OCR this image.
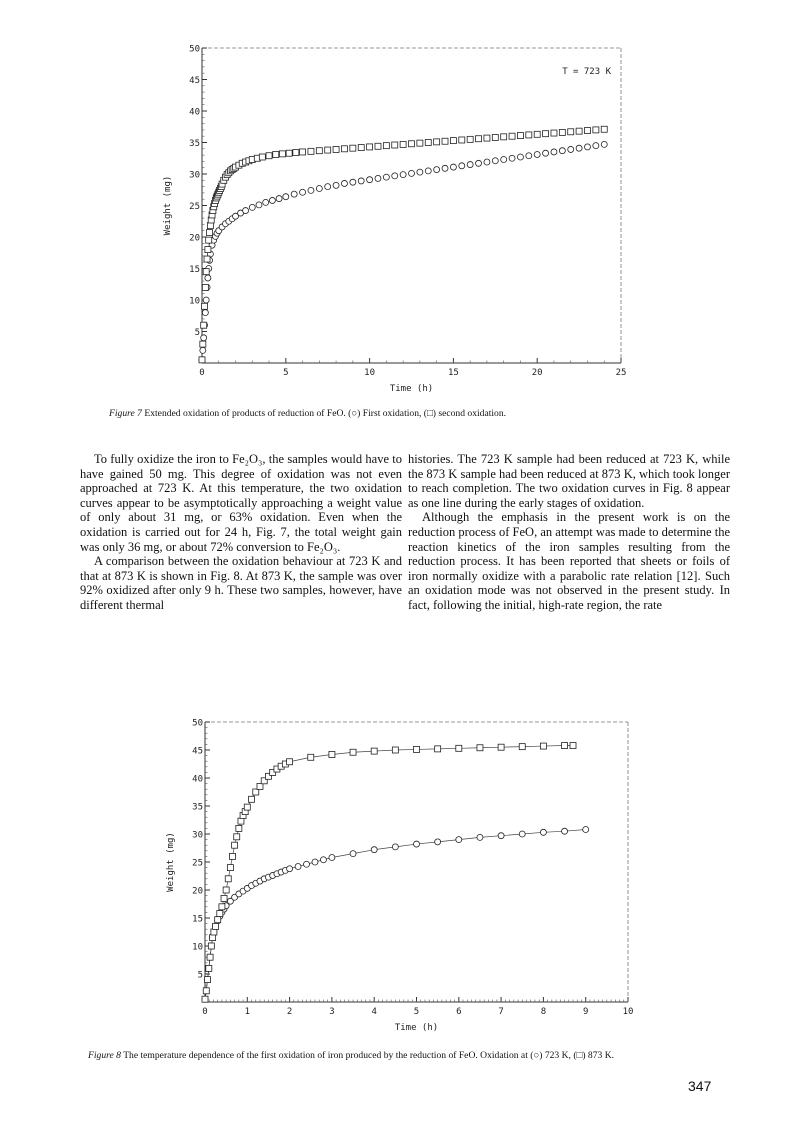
5
10
15
20
25
30
35
40
45
50
0	5	10	15	20	25
Time (h)
Weight (mg)
T = 723 K
Figure 7 Extended oxidation of products of reduction of FeO. (○) First oxidation, (□) second oxidation.

To fully oxidize the iron to Fe₂O₃, the samples would have to have gained 50 mg. This degree of oxidation was not even approached at 723 K. At this temperature, the two oxidation curves appear to be asymptotically approaching a weight value of only about 31 mg, or 63% oxidation. Even when the oxidation is carried out for 24 h, Fig. 7, the total weight gain was only 36 mg, or about 72% conversion to Fe₂O₃.

A comparison between the oxidation behaviour at 723 K and that at 873 K is shown in Fig. 8. At 873 K, the sample was over 92% oxidized after only 9 h. These two samples, however, have different thermal

histories. The 723 K sample had been reduced at 723 K, while the 873 K sample had been reduced at 873 K, which took longer to reach completion. The two oxidation curves in Fig. 8 appear as one line during the early stages of oxidation.

Although the emphasis in the present work is on the reduction process of FeO, an attempt was made to determine the reaction kinetics of the iron samples resulting from the reduction process. It has been reported that sheets or foils of iron normally oxidize with a parabolic rate relation [12]. Such an oxidation mode was not observed in the present study. In fact, following the initial, high-rate region, the rate

5
10
15
20
25
30
35
40
45
50
0	1	2	3	4	5	6	7	8	9	10
Time (h)
Weight (mg)
Figure 8 The temperature dependence of the first oxidation of iron produced by the reduction of FeO. Oxidation at (○) 723 K, (□) 873 K.
347
